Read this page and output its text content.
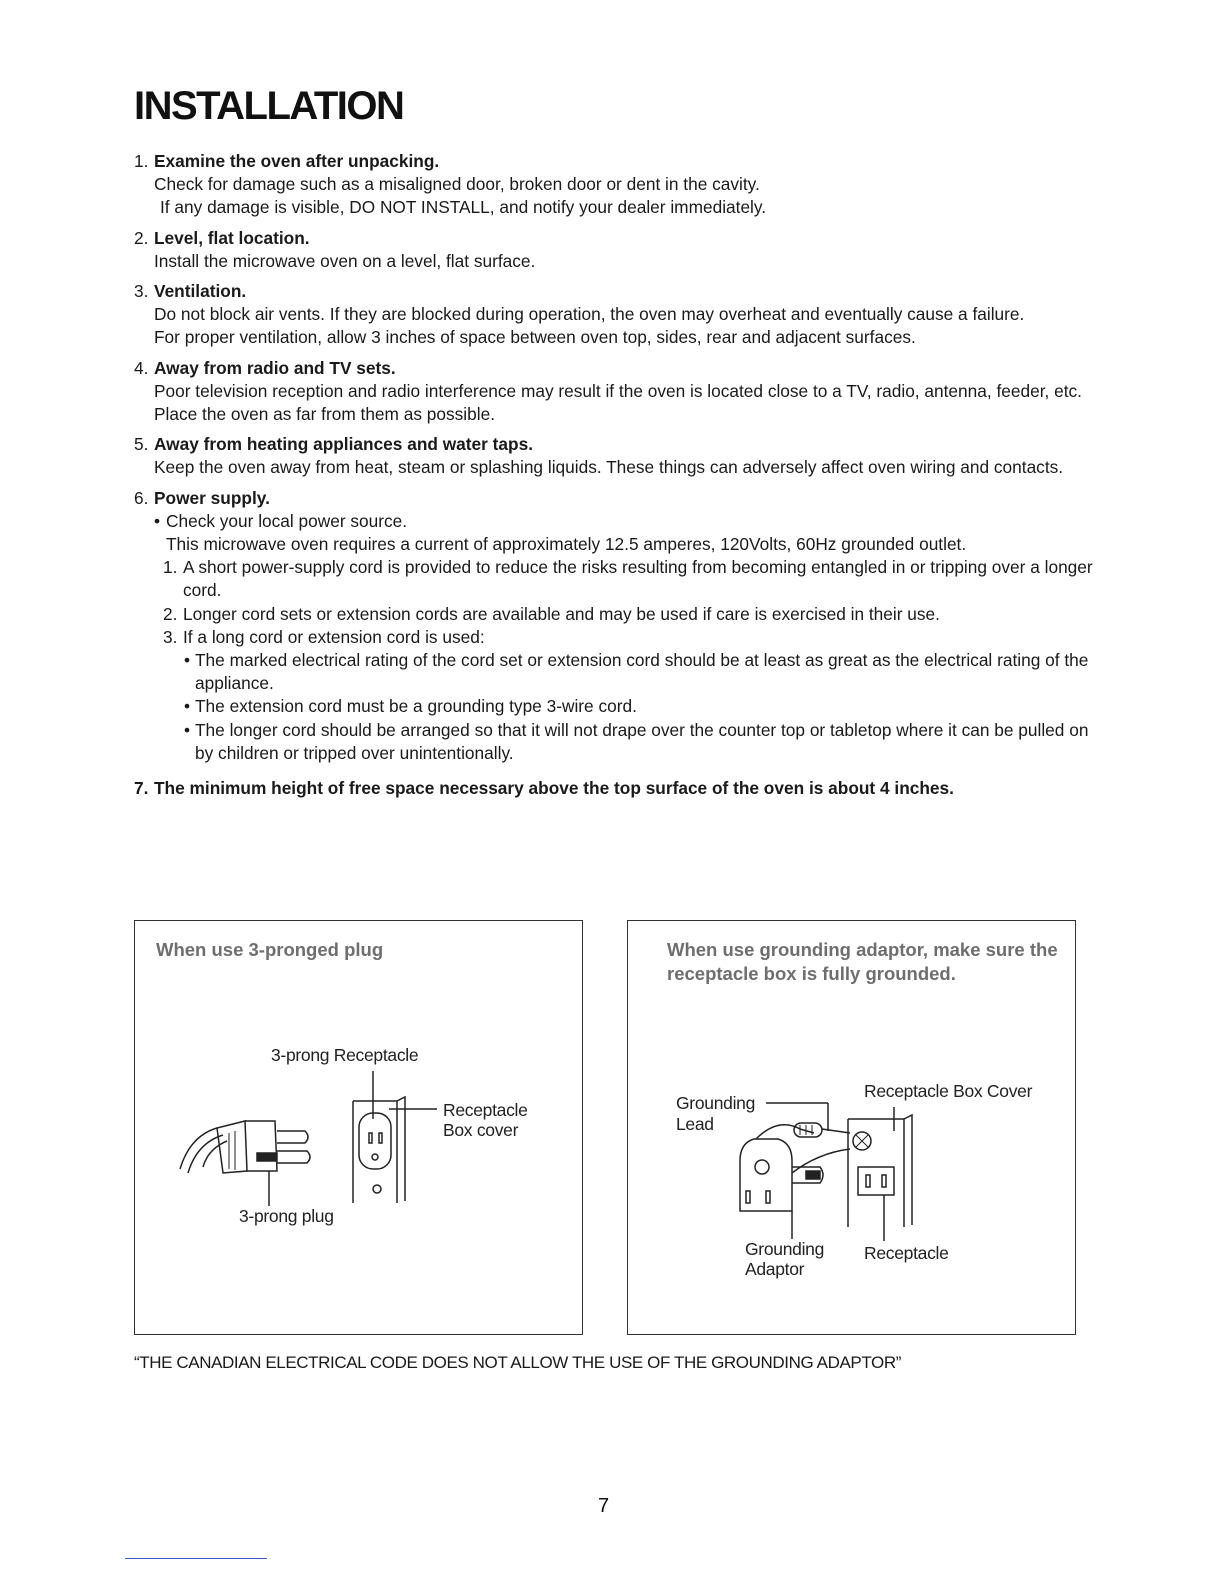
INSTALLATION
1. Examine the oven after unpacking.
Check for damage such as a misaligned door, broken door or dent in the cavity.
If any damage is visible, DO NOT INSTALL, and notify your dealer immediately.
2. Level, flat location.
Install the microwave oven on a level, flat surface.
3. Ventilation.
Do not block air vents. If they are blocked during operation, the oven may overheat and eventually cause a failure.
For proper ventilation, allow 3 inches of space between oven top, sides, rear and adjacent surfaces.
4. Away from radio and TV sets.
Poor television reception and radio interference may result if the oven is located close to a TV, radio, antenna, feeder, etc.
Place the oven as far from them as possible.
5. Away from heating appliances and water taps.
Keep the oven away from heat, steam or splashing liquids. These things can adversely affect oven wiring and contacts.
6. Power supply.
• Check your local power source.
This microwave oven requires a current of approximately 12.5 amperes, 120Volts, 60Hz grounded outlet.
1. A short power-supply cord is provided to reduce the risks resulting from becoming entangled in or tripping over a longer cord.
2. Longer cord sets or extension cords are available and may be used if care is exercised in their use.
3. If a long cord or extension cord is used:
• The marked electrical rating of the cord set or extension cord should be at least as great as the electrical rating of the appliance.
• The extension cord must be a grounding type 3-wire cord.
• The longer cord should be arranged so that it will not drape over the counter top or tabletop where it can be pulled on by children or tripped over unintentionally.
7. The minimum height of free space necessary above the top surface of the oven is about 4 inches.
When use 3-pronged plug
3-prong Receptacle
Receptacle
Box cover
3-prong plug
When use grounding adaptor, make sure the receptacle box is fully grounded.
Grounding
Lead
Receptacle Box Cover
Grounding
Adaptor
Receptacle
“THE CANADIAN ELECTRICAL CODE DOES NOT ALLOW THE USE OF THE GROUNDING ADAPTOR”
7
